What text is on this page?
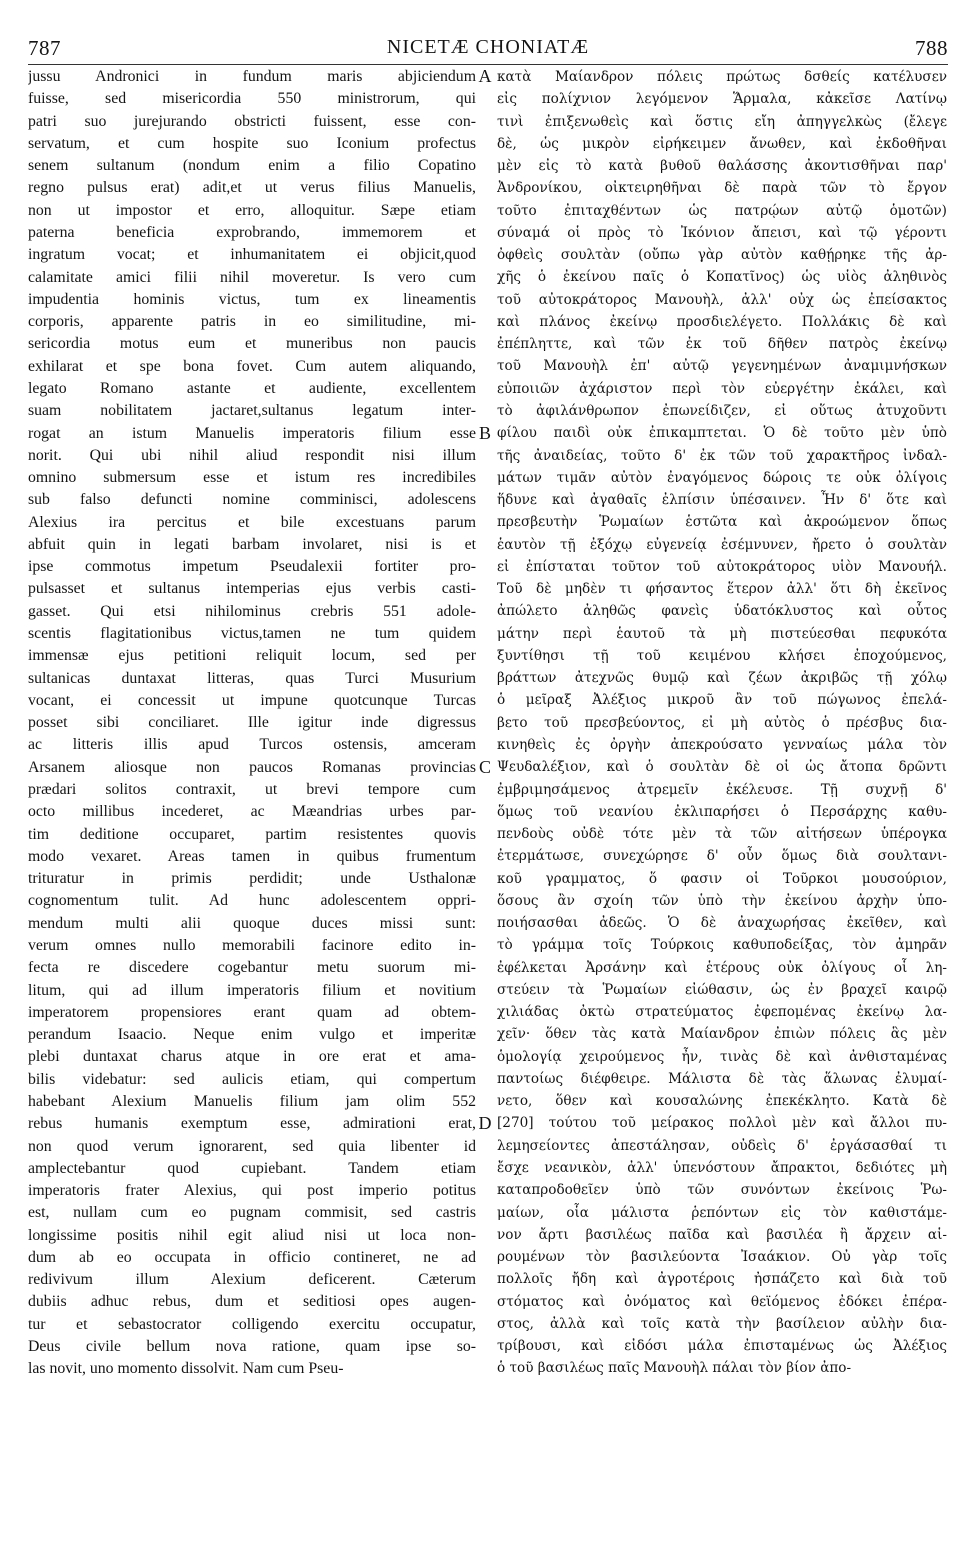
787	NICETÆ CHONIATÆ	788
jussu Andronici in fundum maris abjiciendum
fuisse, sed misericordia 550 ministrorum, qui
patri suo jurejurando obstricti fuissent, esse con-
servatum, et cum hospite suo Iconium profectus
senem sultanum (nondum enim a filio Copatino
regno pulsus erat) adit,et ut verus filius Manuelis,
non ut impostor et erro, alloquitur. Sæpe etiam
paterna beneficia exprobrando, immemorem et
ingratum vocat; et inhumanitatem ei objicit,quod
calamitate amici filii nihil moveretur. Is vero cum
impudentia hominis victus, tum ex lineamentis
corporis, apparente patris in eo similitudine, mi-
sericordia motus eum et muneribus non paucis
exhilarat et spe bona fovet. Cum autem aliquando,
legato Romano astante et audiente, excellentem
suam nobilitatem jactaret,sultanus legatum inter-
rogat an istum Manuelis imperatoris filium esse
norit. Qui ubi nihil aliud respondit nisi illum
omnino submersum esse et istum res incredibiles
sub falso defuncti nomine comminisci, adolescens
Alexius ira percitus et bile excestuans parum
abfuit quin in legati barbam involaret, nisi is et
ipse commotus impetum Pseudalexii fortiter pro-
pulsasset et sultanus intemperias ejus verbis casti-
gasset. Qui etsi nihilominus crebris 551 adole-
scentis flagitationibus victus,tamen ne tum quidem
immensæ ejus petitioni reliquit locum, sed per
sultanicas duntaxat litteras, quas Turci Musurium
vocant, ei concessit ut impune quotcunque Turcas
posset sibi conciliaret. Ille igitur inde digressus
ac litteris illis apud Turcos ostensis, amceram
Arsanem aliosque non paucos Romanas provincias
prædari solitos contraxit, ut brevi tempore cum
octo millibus incederet, ac Mæandrias urbes par-
tim deditione occuparet, partim resistentes quovis
modo vexaret. Areas tamen in quibus frumentum
trituratur in primis perdidit; unde Usthalonæ
cognomentum tulit. Ad hunc adolescentem oppri-
mendum multi alii quoque duces missi sunt:
verum omnes nullo memorabili facinore edito in-
fecta re discedere cogebantur metu suorum mi-
litum, qui ad illum imperatoris filium et novitium
imperatorem propensiores erant quam ad obtem-
perandum Isaacio. Neque enim vulgo et imperitæ
plebi duntaxat charus atque in ore erat et ama-
bilis videbatur: sed aulicis etiam, qui compertum
habebant Alexium Manuelis filium jam olim 552
rebus humanis exemptum esse, admirationi erat,
non quod verum ignorarent, sed quia libenter id
amplectebantur quod cupiebant. Tandem etiam
imperatoris frater Alexius, qui post imperio potitus
est, nullam cum eo pugnam commisit, sed castris
longissime positis nihil egit aliud nisi ut loca non-
dum ab eo occupata in officio contineret, ne ad
redivivum illum Alexium deficerent. Cæterum
dubiis adhuc rebus, dum et seditiosi opes augen-
tur et sebastocrator colligendo exercitu occupatur,
Deus civile bellum nova ratione, quam ipse so-
las novit, uno momento dissolvit. Nam cum Pseu-
κατὰ Μαίανδρον πόλεις πρώτως δσθείς κατέλυσεν
εἰς πολίχνιον λεγόμενον Ἅρμαλα, κἀκεῖσε Λατίνῳ
τινὶ ἐπιξενωθεὶς καὶ ὅστις εἴη ἀπηγγελκὼς (ἔλεγε
δὲ, ὡς μικρὸν εἰρήκειμεν ἄνωθεν, καὶ ἐκδοθῆναι
μὲν εἰς τὸ κατὰ βυθοῦ θαλάσσης ἀκοντισθῆναι παρ'
Ἀνδρονίκου, οἰκτειρηθῆναι δὲ παρὰ τῶν τὸ ἔργον
τοῦτο ἐπιταχθέντων ὡς πατρῴων αὐτῷ ὁμοτῶν)
σύναμά οἱ πρὸς τὸ Ἰκόνιον ἄπεισι, καὶ τῷ γέροντι
ὀφθεὶς σουλτὰν (οὔπω γὰρ αὐτὸν καθῄρηκε τῆς ἀρ-
χῆς ὁ ἐκείνου παῖς ὁ Κοπατῖνος) ὡς υἱὸς ἀληθινὸς
τοῦ αὐτοκράτορος Μανουὴλ, ἀλλ' οὐχ ὡς ἐπείσακτος
καὶ πλάνος ἐκείνῳ προσδιελέγετο. Πολλάκις δὲ καὶ
ἐπέπληττε, καὶ τῶν ἐκ τοῦ δῆθεν πατρὸς ἐκείνῳ
τοῦ Μανουὴλ ἐπ' αὐτῷ γεγενημένων ἀναμιμνήσκων
εὐποιιῶν ἀχάριστον περὶ τὸν εὐεργέτην ἐκάλει, καὶ
τὸ ἀφιλάνθρωπον ἐπωνείδιζεν, εἰ οὕτως ἀτυχοῦντι
φίλου παιδὶ οὐκ ἐπικαμπτεται. Ὁ δὲ τοῦτο μὲν ὑπὸ
τῆς ἀναιδείας, τοῦτο δ' ἐκ τῶν τοῦ χαρακτῆρος ἰνδαλ-
μάτων τιμᾶν αὐτὸν ἐναγόμενος δώροις τε οὐκ ὀλίγοις
ἥδυνε καὶ ἀγαθαῖς ἐλπίσιν ὑπέσαινεν. Ἦν δ' ὅτε καὶ
πρεσβευτὴν Ῥωμαίων ἑστῶτα καὶ ἀκροώμενον ὅπως
ἑαυτὸν τῇ ἐξόχῳ εὐγενείᾳ ἐσέμνυνεν, ἤρετο ὁ σουλτὰν
εἰ ἐπίσταται τοῦτον τοῦ αὐτοκράτορος υἱὸν Μανουήλ.
Τοῦ δὲ μηδὲν τι φήσαντος ἕτερον ἀλλ' ὅτι δὴ ἐκεῖνος
ἀπώλετο ἀληθῶς φανεὶς ὑδατόκλυστος καὶ οὗτος
μάτην περὶ ἑαυτοῦ τὰ μὴ πιστεύεσθαι πεφυκότα
ξυντίθησι τῇ τοῦ κειμένου κλήσει ἐποχούμενος,
βράττων ἀτεχνῶς θυμῷ καὶ ζέων ἀκριβῶς τῇ χόλῳ
ὁ μεῖραξ Ἀλέξιος μικροῦ ἂν τοῦ πώγωνος ἐπελά-
βετο τοῦ πρεσβεύοντος, εἰ μὴ αὐτὸς ὁ πρέσβυς δια-
κινηθεὶς ἐς ὀργὴν ἀπεκρούσατο γενναίως μάλα τὸν
Ψευδαλέξιον, καὶ ὁ σουλτὰν δὲ οἱ ὡς ἄτοπα δρῶντι
ἐμβριμησάμενος ἀτρεμεῖν ἐκέλευσε. Τῇ συχνῇ δ'
ὅμως τοῦ νεανίου ἐκλιπαρήσει ὁ Περσάρχης καθυ-
πενδοὺς οὐδὲ τότε μὲν τὰ τῶν αἰτήσεων ὑπέρογκα
ἐτερμάτωσε, συνεχώρησε δ' οὖν ὅμως διὰ σουλτανι-
κοῦ γραμματος, ὅ φασιν οἱ Τοῦρκοι μουσούριον,
ὅσους ἂν σχοίη τῶν ὑπὸ τὴν ἐκείνου ἀρχὴν ὑπο-
ποιήσασθαι ἀδεῶς. Ὁ δὲ ἀναχωρήσας ἐκεῖθεν, καὶ
τὸ γράμμα τοῖς Τούρκοις καθυποδείξας, τὸν ἀμηρᾶν
ἐφέλκεται Ἀρσάνην καὶ ἑτέρους οὐκ ὀλίγους οἷ λη-
στεύειν τὰ Ῥωμαίων εἰώθασιν, ὡς ἐν βραχεῖ καιρῷ
χιλιάδας ὀκτὼ στρατεύματος ἐφεπομένας ἐκείνῳ λα-
χεῖν· ὅθεν τὰς κατὰ Μαίανδρον ἐπιὼν πόλεις ἃς μὲν
ὁμολογίᾳ χειρούμενος ἦν, τινὰς δὲ καὶ ἀνθισταμένας
παντοίως διέφθειρε. Μάλιστα δὲ τὰς ἅλωνας ἐλυμαί-
νετο, ὅθεν καὶ κουσαλώνης ἐπεκέκλητο. Κατὰ δὲ
[270] τούτου τοῦ μείρακος πολλοὶ μὲν καὶ ἄλλοι πυ-
λεμησείοντες ἀπεστάλησαν, οὐδεὶς δ' ἐργάσασθαί τι
ἔσχε νεανικὸν, ἀλλ' ὑπενόστουν ἄπρακτοι, δεδιότες μὴ
καταπροδοθεῖεν ὑπὸ τῶν συνόντων ἐκείνοις Ῥω-
μαίων, οἷα μάλιστα ῥεπόντων εἰς τὸν καθιστάμε-
νον ἄρτι βασιλέως παῖδα καὶ βασιλέα ἢ ἄρχειν αἱ-
ρουμένων τὸν βασιλεύοντα Ἰσαάκιον. Οὐ γὰρ τοῖς
πολλοῖς ἤδη καὶ ἀγροτέροις ἠσπάζετο καὶ διὰ τοῦ
στόματος καὶ ὀνόματος καὶ θεϊόμενος ἐδόκει ἐπέρα-
στος, ἀλλὰ καὶ τοῖς κατὰ τὴν βασίλειον αὐλὴν δια-
τρίβουσι, καὶ εἰδόσι μάλα ἐπισταμένως ὡς Ἀλέξιος
ὁ τοῦ βασιλέως παῖς Μανουὴλ πάλαι τὸν βίον ἀπο-
A
B
C
D
